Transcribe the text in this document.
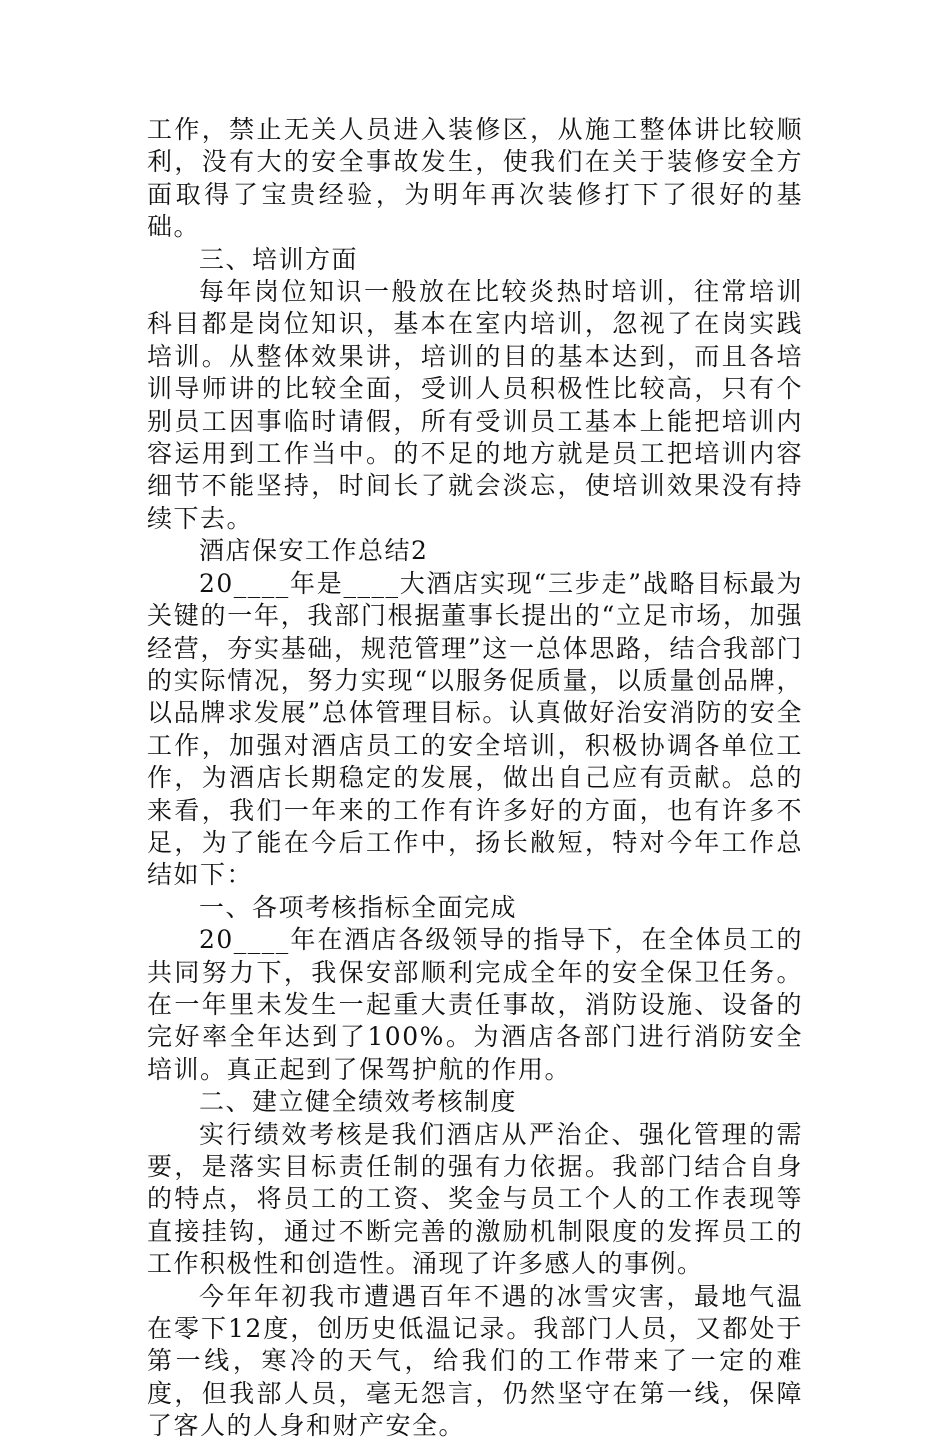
工作，禁止无关人员进入装修区，从施工整体讲比较顺利，没有大的安全事故发生，使我们在关于装修安全方面取得了宝贵经验，为明年再次装修打下了很好的基础。

三、培训方面

每年岗位知识一般放在比较炎热时培训，往常培训科目都是岗位知识，基本在室内培训，忽视了在岗实践培训。从整体效果讲，培训的目的基本达到，而且各培训导师讲的比较全面，受训人员积极性比较高，只有个别员工因事临时请假，所有受训员工基本上能把培训内容运用到工作当中。的不足的地方就是员工把培训内容细节不能坚持，时间长了就会淡忘，使培训效果没有持续下去。

酒店保安工作总结2

20____年是____大酒店实现“三步走”战略目标最为关键的一年，我部门根据董事长提出的“立足市场，加强经营，夯实基础，规范管理”这一总体思路，结合我部门的实际情况，努力实现“以服务促质量，以质量创品牌，以品牌求发展”总体管理目标。认真做好治安消防的安全工作，加强对酒店员工的安全培训，积极协调各单位工作，为酒店长期稳定的发展，做出自己应有贡献。总的来看，我们一年来的工作有许多好的方面，也有许多不足，为了能在今后工作中，扬长敝短，特对今年工作总结如下：

一、各项考核指标全面完成

20____年在酒店各级领导的指导下，在全体员工的共同努力下，我保安部顺利完成全年的安全保卫任务。在一年里未发生一起重大责任事故，消防设施、设备的完好率全年达到了100%。为酒店各部门进行消防安全培训。真正起到了保驾护航的作用。

二、建立健全绩效考核制度

实行绩效考核是我们酒店从严治企、强化管理的需要，是落实目标责任制的强有力依据。我部门结合自身的特点，将员工的工资、奖金与员工个人的工作表现等直接挂钩，通过不断完善的激励机制限度的发挥员工的工作积极性和创造性。涌现了许多感人的事例。

今年年初我市遭遇百年不遇的冰雪灾害，最地气温在零下12度，创历史低温记录。我部门人员，又都处于第一线，寒冷的天气，给我们的工作带来了一定的难度，但我部人员，毫无怨言，仍然坚守在第一线，保障了客人的人身和财产安全。
